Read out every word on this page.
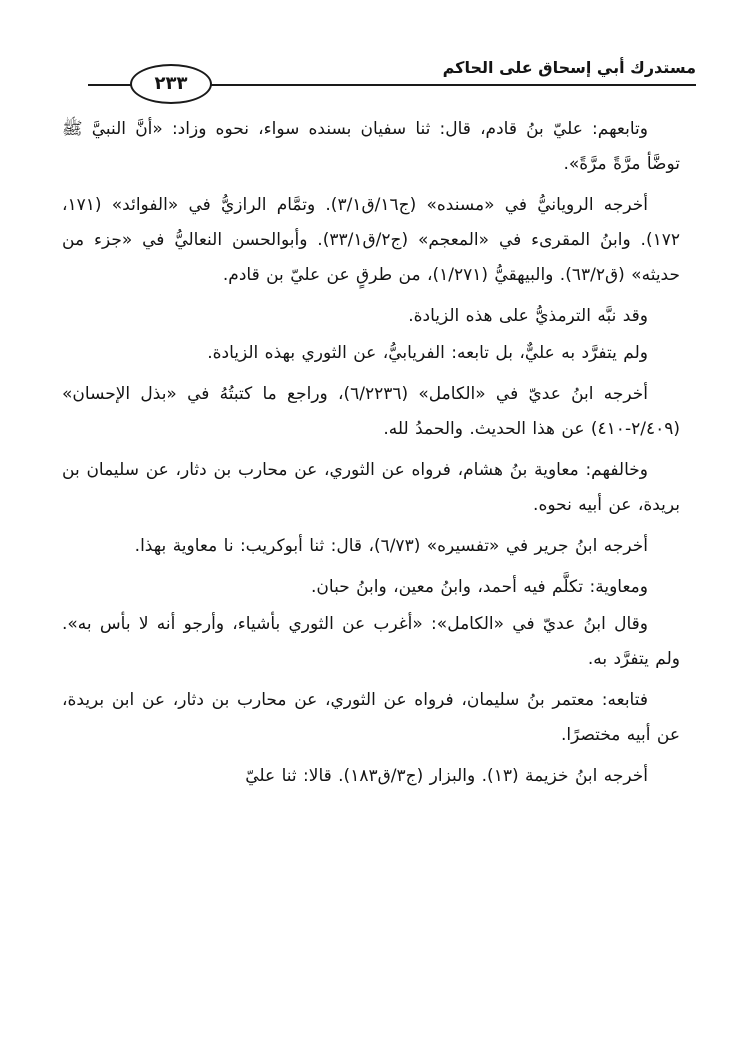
مستدرك أبي إسحاق على الحاكم
٢٣٣

وتابعهم: عليّ بنُ قادم، قال: ثنا سفيان بسنده سواء، نحوه وزاد: «أنَّ النبيَّ ﷺ توضَّأ مرَّةً مرَّةً».

أخرجه الرويانيُّ في «مسنده» (ج١٦/ق٣/١). وتمَّام الرازيُّ في «الفوائد» (١٧١، ١٧٢). وابنُ المقرىء في «المعجم» (ج٢/ق٣٣/١). وأبوالحسن النعاليُّ في «جزء من حديثه» (ق٦٣/٢). والبيهقيُّ (١/٢٧١)، من طرقٍ عن عليّ بن قادم.

وقد نبَّه الترمذيُّ على هذه الزيادة.

ولم يتفرَّد به عليٌّ، بل تابعه: الفريابيُّ، عن الثوري بهذه الزيادة.

أخرجه ابنُ عديّ في «الكامل» (٦/٢٢٣٦)، وراجع ما كتبتُهُ في «بذل الإحسان» (٢/٤٠٩-٤١٠) عن هذا الحديث. والحمدُ لله.

وخالفهم: معاوية بنُ هشام، فرواه عن الثوري، عن محارب بن دثار، عن سليمان بن بريدة، عن أبيه نحوه.

أخرجه ابنُ جرير في «تفسيره» (٦/٧٣)، قال: ثنا أبوكريب: نا معاوية بهذا.

ومعاوية: تكلَّم فيه أحمد، وابنُ معين، وابنُ حبان.

وقال ابنُ عديّ في «الكامل»: «أغرب عن الثوري بأشياء، وأرجو أنه لا بأس به». ولم يتفرَّد به.

فتابعه: معتمر بنُ سليمان، فرواه عن الثوري، عن محارب بن دثار، عن ابن بريدة، عن أبيه مختصرًا.

أخرجه ابنُ خزيمة (١٣). والبزار (ج٣/ق١٨٣). قالا: ثنا عليّ
